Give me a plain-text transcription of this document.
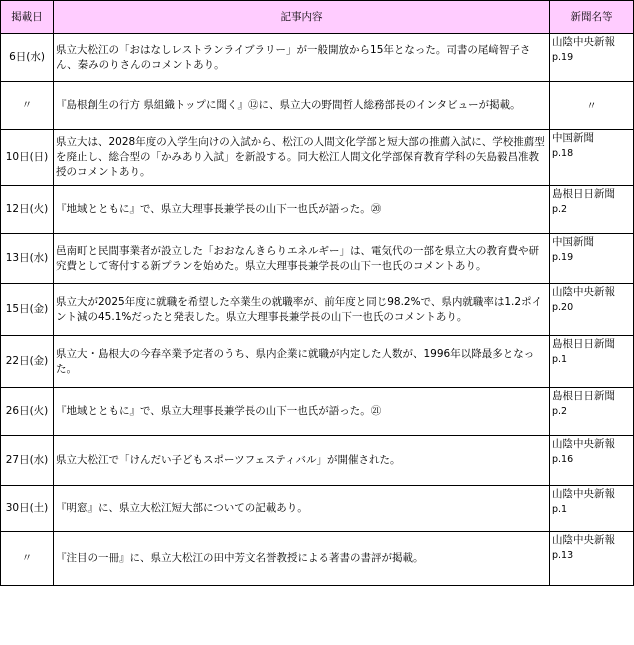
掲載日	記事内容	新聞名等
6日(水)	県立大松江の「おはなしレストランライブラリー」が一般開放から15年となった。司書の尾﨑智子さん、秦みのりさんのコメントあり。	山陰中央新報
p.19

〃	『島根創生の行方 県組織トップに聞く』⑫に、県立大の野間哲人総務部長のインタビューが掲載。	〃
10日(日)	県立大は、2028年度の入学生向けの入試から、松江の人間文化学部と短大部の推薦入試に、学校推薦型を廃止し、総合型の「かみあり入試」を新設する。同大松江人間文化学部保育教育学科の矢島毅昌准教授のコメントあり。	中国新聞
p.18

12日(火)	『地域とともに』で、県立大理事長兼学長の山下一也氏が語った。⑳	島根日日新聞
p.2

13日(水)	邑南町と民間事業者が設立した「おおなんきらりエネルギー」は、電気代の一部を県立大の教育費や研究費として寄付する新プランを始めた。県立大理事長兼学長の山下一也氏のコメントあり。	中国新聞
p.19

15日(金)	県立大が2025年度に就職を希望した卒業生の就職率が、前年度と同じ98.2%で、県内就職率は1.2ポイント減の45.1%だったと発表した。県立大理事長兼学長の山下一也氏のコメントあり。	山陰中央新報
p.20

22日(金)	県立大・島根大の今春卒業予定者のうち、県内企業に就職が内定した人数が、1996年以降最多となった。	島根日日新聞
p.1

26日(火)	『地域とともに』で、県立大理事長兼学長の山下一也氏が語った。㉑	島根日日新聞
p.2

27日(水)	県立大松江で「けんだい子どもスポーツフェスティバル」が開催された。	山陰中央新報
p.16

30日(土)	『明窓』に、県立大松江短大部についての記載あり。	山陰中央新報
p.1

〃	『注目の一冊』に、県立大松江の田中芳文名誉教授による著書の書評が掲載。	山陰中央新報
p.13
